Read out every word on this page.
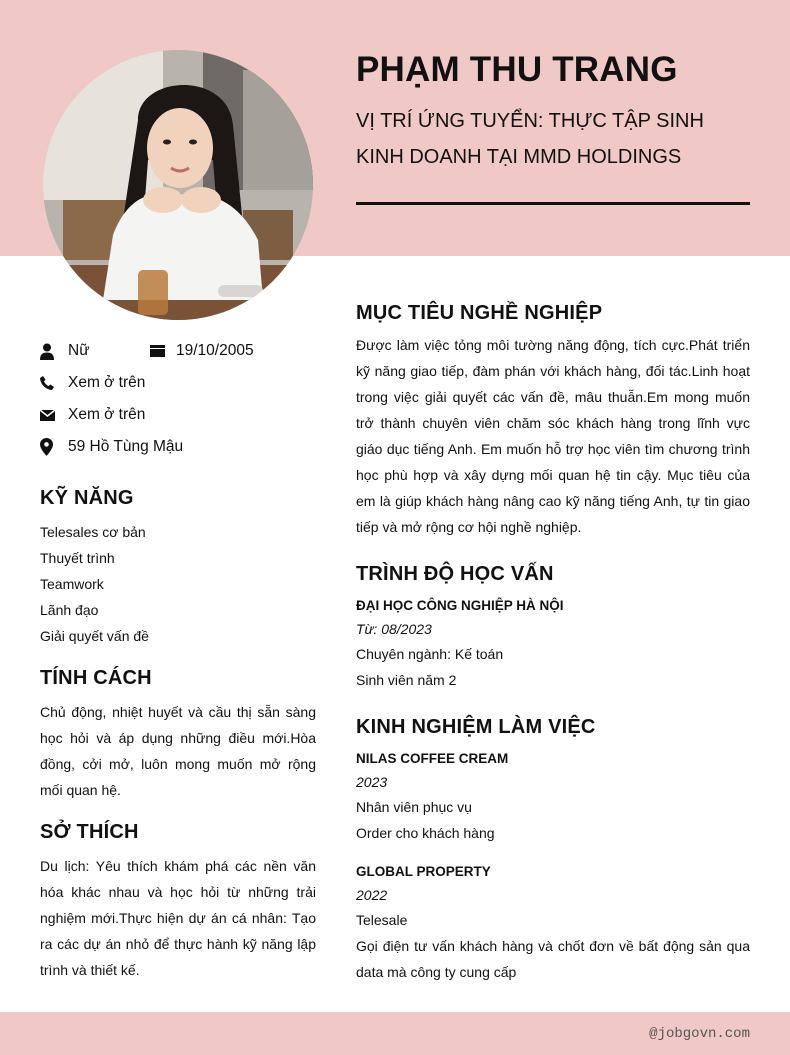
PHẠM THU TRANG
VỊ TRÍ ỨNG TUYỂN: THỰC TẬP SINH KINH DOANH TẠI MMD HOLDINGS
Nữ	19/10/2005
Xem ở trên
Xem ở trên
59 Hồ Tùng Mậu
KỸ NĂNG
Telesales cơ bản
Thuyết trình
Teamwork
Lãnh đạo
Giải quyết vấn đề
TÍNH CÁCH
Chủ động, nhiệt huyết và cầu thị sẵn sàng học hỏi và áp dụng những điều mới.Hòa đồng, cởi mở, luôn mong muốn mở rộng mối quan hệ.
SỞ THÍCH
Du lịch: Yêu thích khám phá các nền văn hóa khác nhau và học hỏi từ những trải nghiệm mới.Thực hiện dự án cá nhân: Tạo ra các dự án nhỏ để thực hành kỹ năng lập trình và thiết kế.
MỤC TIÊU NGHỀ NGHIỆP
Được làm việc tỏng môi tường năng động, tích cực.Phát triển kỹ năng giao tiếp, đàm phán với khách hàng, đối tác.Linh hoạt trong việc giải quyết các vấn đề, mâu thuẫn.Em mong muốn trở thành chuyên viên chăm sóc khách hàng trong lĩnh vực giáo dục tiếng Anh. Em muốn hỗ trợ học viên tìm chương trình học phù hợp và xây dựng mối quan hệ tin cậy. Mục tiêu của em là giúp khách hàng nâng cao kỹ năng tiếng Anh, tự tin giao tiếp và mở rộng cơ hội nghề nghiệp.
TRÌNH ĐỘ HỌC VẤN
ĐẠI HỌC CÔNG NGHIỆP HÀ NỘI
Từ: 08/2023
Chuyên ngành: Kế toán
Sinh viên năm 2
KINH NGHIỆM LÀM VIỆC
NILAS COFFEE CREAM
2023
Nhân viên phục vụ
Order cho khách hàng
GLOBAL PROPERTY
2022
Telesale
Gọi điện tư vấn khách hàng và chốt đơn về bất động sản qua data mà công ty cung cấp
@jobgovn.com
